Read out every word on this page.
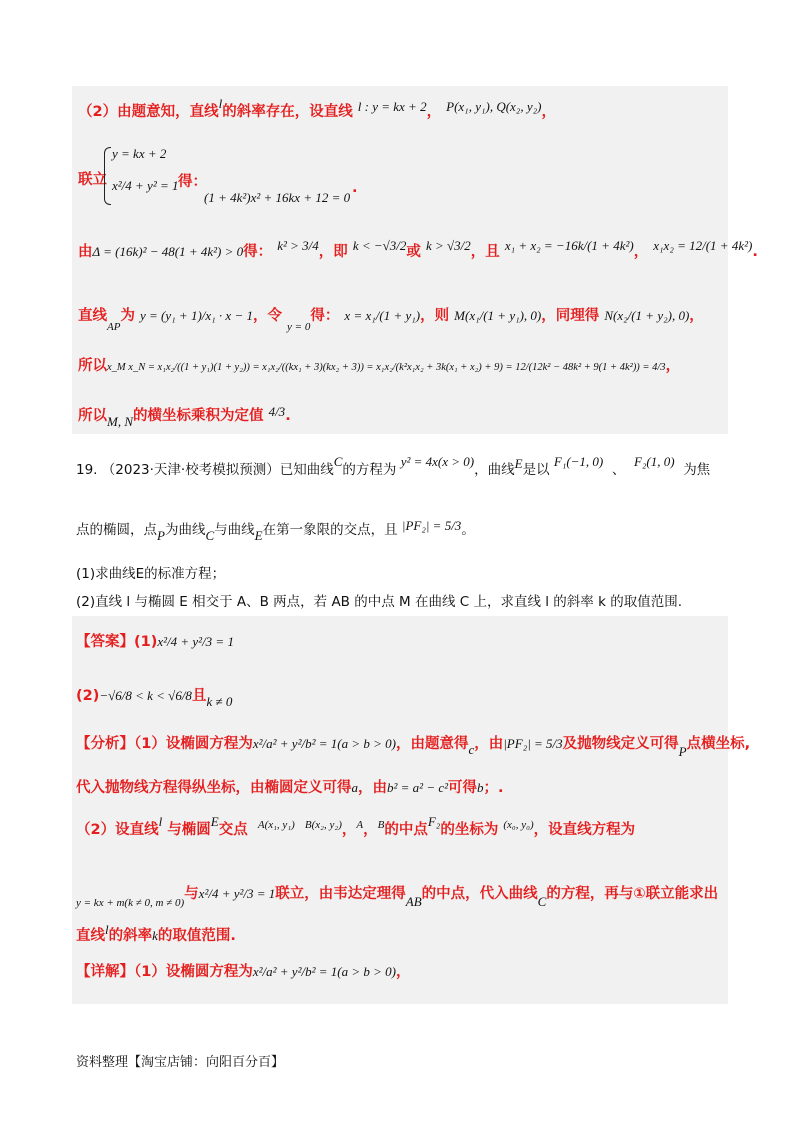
（2）由题意知，直线l的斜率存在，设直线 l : y = kx + 2， P(x₁, y₁), Q(x₂, y₂)，
联立
y = kx + 2
x²/4 + y² = 1 得：
(1 + 4k²)x² + 16kx + 12 = 0
.
由Δ = (16k)² − 48(1 + 4k²) > 0得： k² > 3/4，即 k < −√3/2或 k > √3/2，且 x₁ + x₂ = −16k/(1 + 4k²)， x₁x₂ = 12/(1 + 4k²).
直线$_{AP}$为 y = (y₁ + 1)/x₁ · x − 1，令 $_{y = 0}$得： x = x₁/(1 + y₁)，则 M(x₁/(1 + y₁), 0)，同理得 N(x₂/(1 + y₂), 0)，
所以x_M x_N = x₁x₂/((1 + y₁)(1 + y₂)) = x₁x₂/((kx₁ + 3)(kx₂ + 3)) = x₁x₂/(k²x₁x₂ + 3k(x₁ + x₂) + 9) = 12/(12k² − 48k² + 9(1 + 4k²)) = 4/3，
所以M, N的横坐标乘积为定值 4/3.
19. （2023·天津·校考模拟预测）已知曲线C的方程为 y² = 4x(x > 0)，曲线E是以 F₁(−1, 0)  、  F₂(1, 0)  为焦
点的椭圆，点P为曲线C与曲线E在第一象限的交点，且 |PF₂| = 5/3。
(1)求曲线E的标准方程；
(2)直线 l 与椭圆 E 相交于 A、B 两点，若 AB 的中点 M 在曲线 C 上，求直线 l 的斜率 k 的取值范围.
【答案】(1)x²/4 + y²/3 = 1
(2)−√6/8 < k < √6/8且k ≠ 0
【分析】（1）设椭圆方程为x²/a² + y²/b² = 1(a > b > 0)，由题意得c，由|PF₂| = 5/3及抛物线定义可得P点横坐标,
代入抛物线方程得纵坐标，由椭圆定义可得a，由b² = a² − c²可得b；.
（2）设直线l 与椭圆E交点 $^{A(x_1, y_1)}$ $^{B(x_2, y_2)}$，$^A$，$^B$的中点F₂的坐标为 $^{(x_0, y_0)}$，设直线方程为
$_{y = kx + m(k \ne 0, m \ne 0)}$与x²/4 + y²/3 = 1联立，由韦达定理得AB的中点，代入曲线C的方程，再与①联立能求出
直线l的斜率k的取值范围.
【详解】（1）设椭圆方程为x²/a² + y²/b² = 1(a > b > 0)，
资料整理【淘宝店铺：向阳百分百】
